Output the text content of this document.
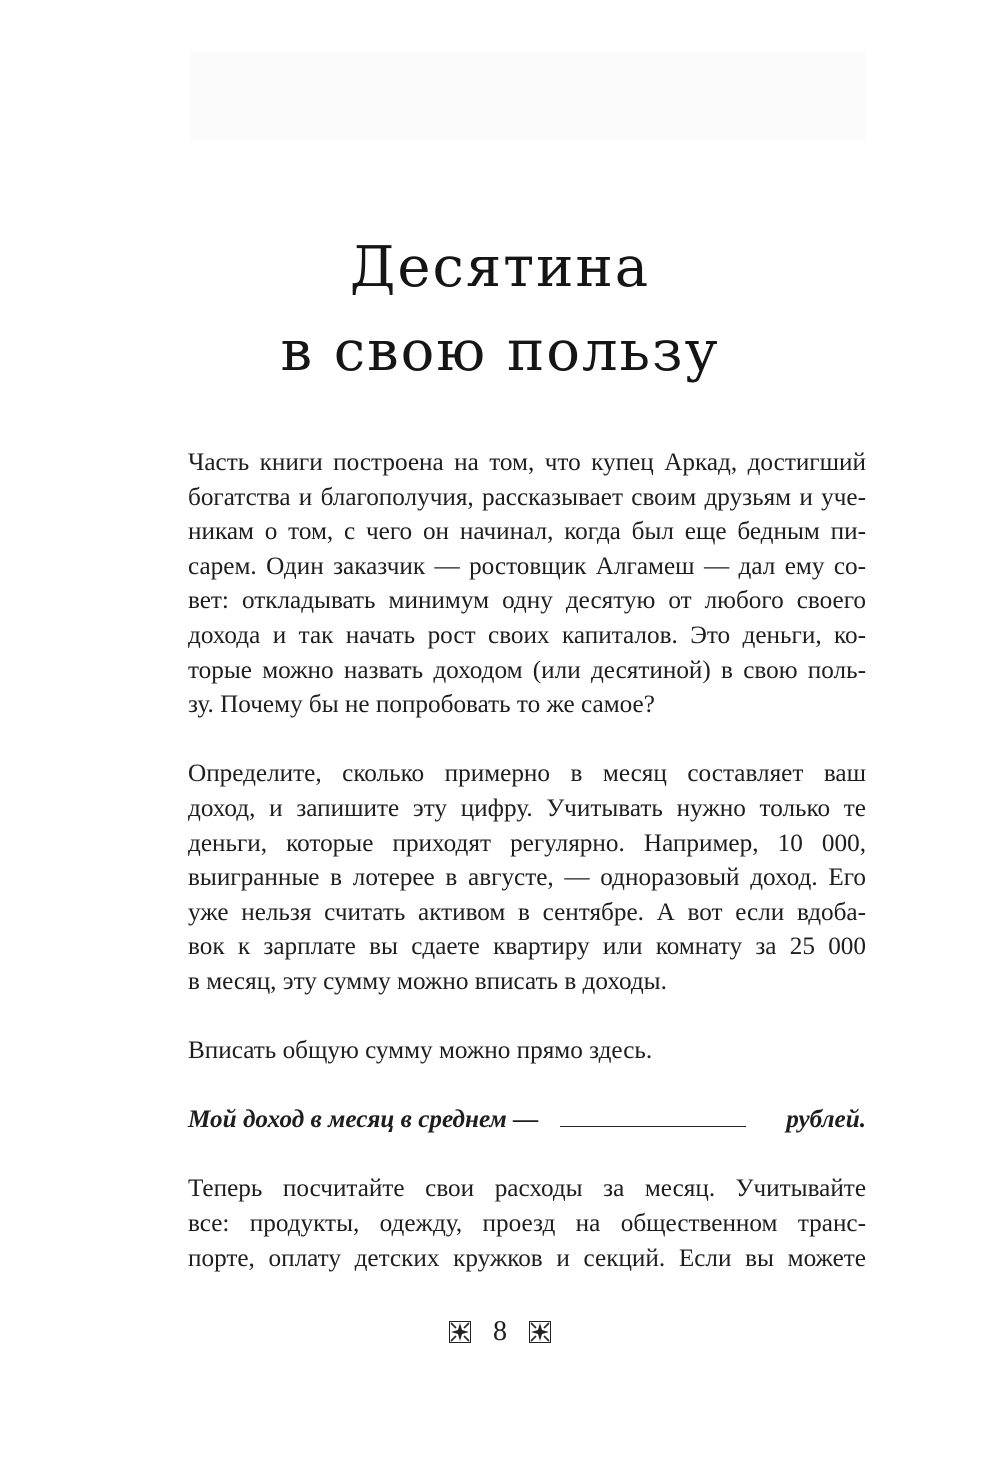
Десятина
в свою пользу

Часть книги построена на том, что купец Аркад, достигший
богатства и благополучия, рассказывает своим друзьям и уче-
никам о том, с чего он начинал, когда был еще бедным пи-
сарем. Один заказчик — ростовщик Алгамеш — дал ему со-
вет: откладывать минимум одну десятую от любого своего
дохода и так начать рост своих капиталов. Это деньги, ко-
торые можно назвать доходом (или десятиной) в свою поль-
зу. Почему бы не попробовать то же самое?

Определите, сколько примерно в месяц составляет ваш
доход, и запишите эту цифру. Учитывать нужно только те
деньги, которые приходят регулярно. Например, 10 000,
выигранные в лотерее в августе, — одноразовый доход. Его
уже нельзя считать активом в сентябре. А вот если вдоба-
вок к зарплате вы сдаете квартиру или комнату за 25 000
в месяц, эту сумму можно вписать в доходы.

Вписать общую сумму можно прямо здесь.

Мой доход в месяц в среднем —	рублей.

Теперь посчитайте свои расходы за месяц. Учитывайте
все: продукты, одежду, проезд на общественном транс-
порте, оплату детских кружков и секций. Если вы можете

8
